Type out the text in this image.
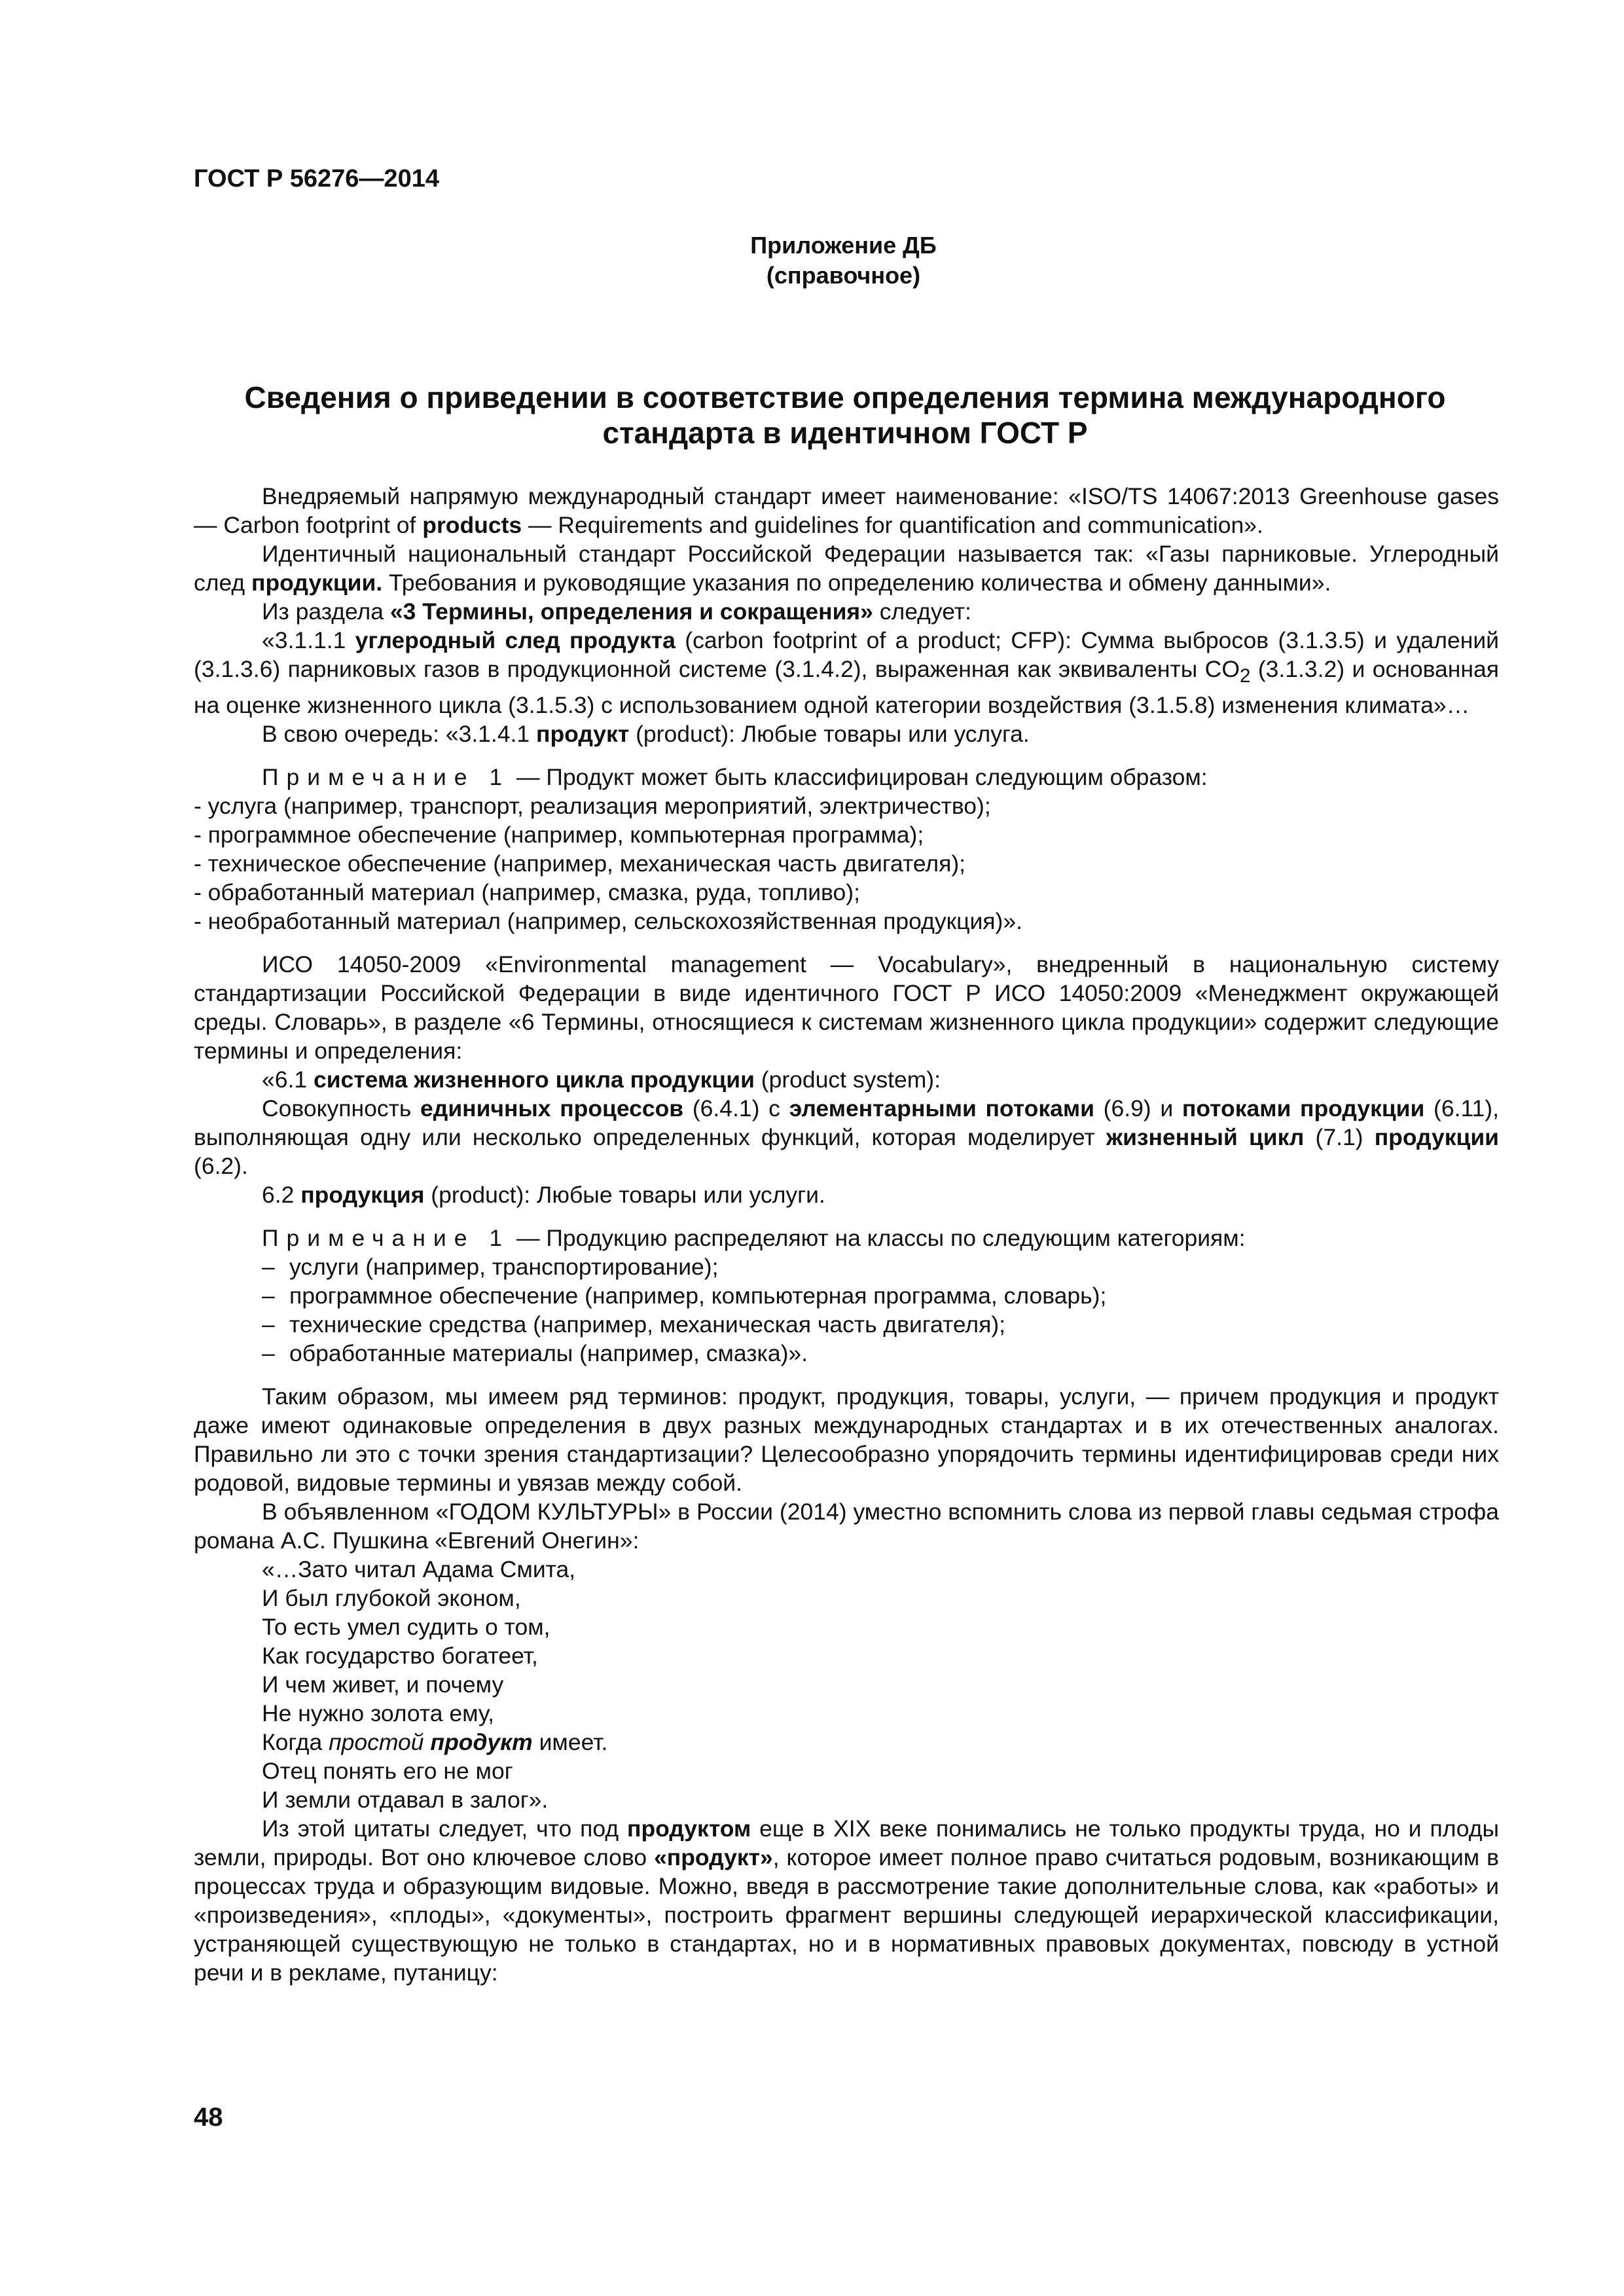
ГОСТ Р 56276—2014
Приложение ДБ
(справочное)
Сведения о приведении в соответствие определения термина международного
стандарта в идентичном ГОСТ Р

Внедряемый напрямую международный стандарт имеет наименование: «ISO/TS 14067:2013 Greenhouse gases — Carbon footprint of products — Requirements and guidelines for quantification and communication».

Идентичный национальный стандарт Российской Федерации называется так: «Газы парниковые. Углеродный след продукции. Требования и руководящие указания по определению количества и обмену данными».

Из раздела «3 Термины, определения и сокращения» следует:

«3.1.1.1 углеродный след продукта (carbon footprint of a product; CFP): Сумма выбросов (3.1.3.5) и удалений (3.1.3.6) парниковых газов в продукционной системе (3.1.4.2), выраженная как эквиваленты $CO_2$ (3.1.3.2) и основанная на оценке жизненного цикла (3.1.5.3) с использованием одной категории воздействия (3.1.5.8) изменения климата»…

В свою очередь: «3.1.4.1 продукт (product): Любые товары или услуга.

Примечание 1 — Продукт может быть классифицирован следующим образом:

- услуга (например, транспорт, реализация мероприятий, электричество);

- программное обеспечение (например, компьютерная программа);

- техническое обеспечение (например, механическая часть двигателя);

- обработанный материал (например, смазка, руда, топливо);

- необработанный материал (например, сельскохозяйственная продукция)».

ИСО 14050-2009 «Environmental management — Vocabulary», внедренный в национальную систему стандартизации Российской Федерации в виде идентичного ГОСТ Р ИСО 14050:2009 «Менеджмент окружающей среды. Словарь», в разделе «6 Термины, относящиеся к системам жизненного цикла продукции» содержит следующие термины и определения:

«6.1 система жизненного цикла продукции (product system):

Совокупность единичных процессов (6.4.1) с элементарными потоками (6.9) и потоками продукции (6.11), выполняющая одну или несколько определенных функций, которая моделирует жизненный цикл (7.1) продукции (6.2).

6.2 продукция (product): Любые товары или услуги.

Примечание 1 — Продукцию распределяют на классы по следующим категориям:

– услуги (например, транспортирование);

– программное обеспечение (например, компьютерная программа, словарь);

– технические средства (например, механическая часть двигателя);

– обработанные материалы (например, смазка)».

Таким образом, мы имеем ряд терминов: продукт, продукция, товары, услуги, — причем продукция и продукт даже имеют одинаковые определения в двух разных международных стандартах и в их отечественных аналогах. Правильно ли это с точки зрения стандартизации? Целесообразно упорядочить термины идентифицировав среди них родовой, видовые термины и увязав между собой.

В объявленном «ГОДОМ КУЛЬТУРЫ» в России (2014) уместно вспомнить слова из первой главы седьмая строфа романа А.С. Пушкина «Евгений Онегин»:

«…Зато читал Адама Смита,

И был глубокой эконом,

То есть умел судить о том,

Как государство богатеет,

И чем живет, и почему

Не нужно золота ему,

Когда простой продукт имеет.

Отец понять его не мог

И земли отдавал в залог».

Из этой цитаты следует, что под продуктом еще в XIX веке понимались не только продукты труда, но и плоды земли, природы. Вот оно ключевое слово «продукт», которое имеет полное право считаться родовым, возникающим в процессах труда и образующим видовые. Можно, введя в рассмотрение такие дополнительные слова, как «работы» и «произведения», «плоды», «документы», построить фрагмент вершины следующей иерархической классификации, устраняющей существующую не только в стандартах, но и в нормативных правовых документах, повсюду в устной речи и в рекламе, путаницу:

48
